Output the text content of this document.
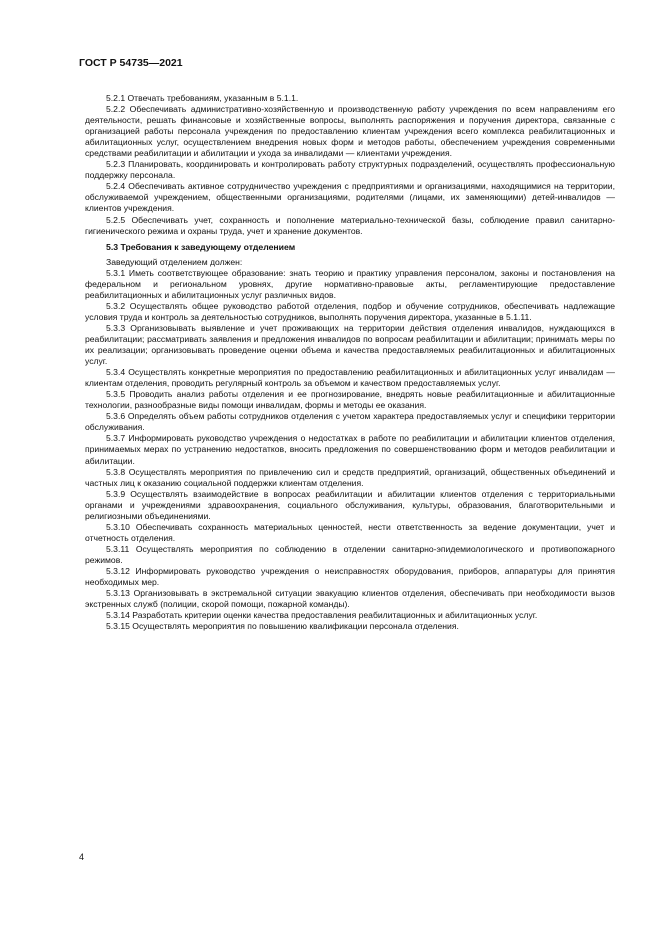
ГОСТ Р 54735—2021

5.2.1 Отвечать требованиям, указанным в 5.1.1.

5.2.2 Обеспечивать административно-хозяйственную и производственную работу учреждения по всем направлениям его деятельности, решать финансовые и хозяйственные вопросы, выполнять распоряжения и поручения директора, связанные с организацией работы персонала учреждения по предоставлению клиентам учреждения всего комплекса реабилитационных и абилитационных услуг, осуществлением внедрения новых форм и методов работы, обеспечением учреждения современными средствами реабилитации и абилитации и ухода за инвалидами — клиентами учреждения.

5.2.3 Планировать, координировать и контролировать работу структурных подразделений, осуществлять профессиональную поддержку персонала.

5.2.4 Обеспечивать активное сотрудничество учреждения с предприятиями и организациями, находящимися на территории, обслуживаемой учреждением, общественными организациями, родителями (лицами, их заменяющими) детей-инвалидов — клиентов учреждения.

5.2.5 Обеспечивать учет, сохранность и пополнение материально-технической базы, соблюдение правил санитарно-гигиенического режима и охраны труда, учет и хранение документов.

5.3 Требования к заведующему отделением

Заведующий отделением должен:

5.3.1 Иметь соответствующее образование: знать теорию и практику управления персоналом, законы и постановления на федеральном и региональном уровнях, другие нормативно-правовые акты, регламентирующие предоставление реабилитационных и абилитационных услуг различных видов.

5.3.2 Осуществлять общее руководство работой отделения, подбор и обучение сотрудников, обеспечивать надлежащие условия труда и контроль за деятельностью сотрудников, выполнять поручения директора, указанные в 5.1.11.

5.3.3 Организовывать выявление и учет проживающих на территории действия отделения инвалидов, нуждающихся в реабилитации; рассматривать заявления и предложения инвалидов по вопросам реабилитации и абилитации; принимать меры по их реализации; организовывать проведение оценки объема и качества предоставляемых реабилитационных и абилитационных услуг.

5.3.4 Осуществлять конкретные мероприятия по предоставлению реабилитационных и абилитационных услуг инвалидам — клиентам отделения, проводить регулярный контроль за объемом и качеством предоставляемых услуг.

5.3.5 Проводить анализ работы отделения и ее прогнозирование, внедрять новые реабилитационные и абилитационные технологии, разнообразные виды помощи инвалидам, формы и методы ее оказания.

5.3.6 Определять объем работы сотрудников отделения с учетом характера предоставляемых услуг и специфики территории обслуживания.

5.3.7 Информировать руководство учреждения о недостатках в работе по реабилитации и абилитации клиентов отделения, принимаемых мерах по устранению недостатков, вносить предложения по совершенствованию форм и методов реабилитации и абилитации.

5.3.8 Осуществлять мероприятия по привлечению сил и средств предприятий, организаций, общественных объединений и частных лиц к оказанию социальной поддержки клиентам отделения.

5.3.9 Осуществлять взаимодействие в вопросах реабилитации и абилитации клиентов отделения с территориальными органами и учреждениями здравоохранения, социального обслуживания, культуры, образования, благотворительными и религиозными объединениями.

5.3.10 Обеспечивать сохранность материальных ценностей, нести ответственность за ведение документации, учет и отчетность отделения.

5.3.11 Осуществлять мероприятия по соблюдению в отделении санитарно-эпидемиологического и противопожарного режимов.

5.3.12 Информировать руководство учреждения о неисправностях оборудования, приборов, аппаратуры для принятия необходимых мер.

5.3.13 Организовывать в экстремальной ситуации эвакуацию клиентов отделения, обеспечивать при необходимости вызов экстренных служб (полиции, скорой помощи, пожарной команды).

5.3.14 Разработать критерии оценки качества предоставления реабилитационных и абилитационных услуг.

5.3.15 Осуществлять мероприятия по повышению квалификации персонала отделения.

4
